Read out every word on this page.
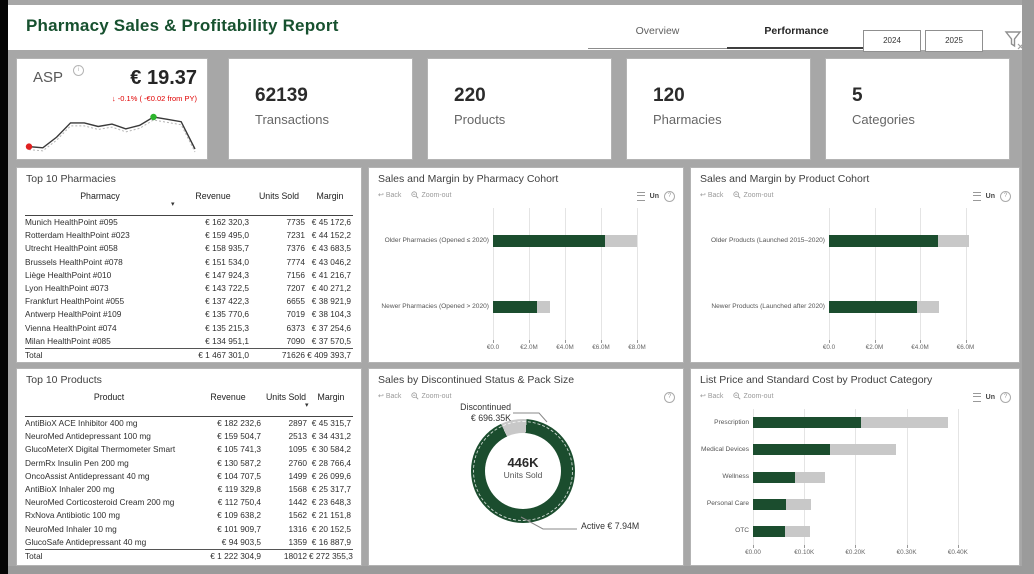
Pharmacy Sales & Profitability Report	Overview	Performance
2024	2025
ASP	i	€ 19.37
↓ -0.1% ( -€0.02 from PY)	62139
Transactions
220
Products
120
Pharmacies
5
Categories
Top 10 Pharmacies
Pharmacy	Revenue
▾
Units Sold	Margin
Munich HealthPoint #095	€ 162 320,3	7735 € 45 172,6
Rotterdam HealthPoint #023	€ 159 495,0	7231 € 44 152,2
Utrecht HealthPoint #058	€ 158 935,7	7376 € 43 683,5
Brussels HealthPoint #078	€ 151 534,0	7774 € 43 046,2
Liège HealthPoint #010	€ 147 924,3	7156 € 41 216,7
Lyon HealthPoint #073	€ 143 722,5	7207 € 40 271,2
Frankfurt HealthPoint #055	€ 137 422,3	6655 € 38 921,9
Antwerp HealthPoint #109	€ 135 770,6	7019 € 38 104,3
Vienna HealthPoint #074	€ 135 215,3	6373 € 37 254,6
Milan HealthPoint #085	€ 134 951,1	7090 € 37 570,5
Total	€ 1 467 301,0	71626 € 409 393,7
Sales and Margin by Pharmacy Cohort
↩ Back	Zoom-out	Un	?
€0.0	€2.0M	€4.0M	€6.0M	€8.0M
Older Pharmacies (Opened ≤ 2020)
Newer Pharmacies (Opened > 2020)
Sales and Margin by Product Cohort
↩ Back	Zoom-out	Un	?
€0.0	€2.0M	€4.0M	€6.0M
Older Products (Launched 2015–2020)
Newer Products (Launched after 2020)
Top 10 Products
Product	Revenue	Units Sold	Margin
▾
AntiBioX ACE Inhibitor 400 mg	€ 182 232,6	2897 € 45 315,7
NeuroMed Antidepressant 100 mg	€ 159 504,7	2513 € 34 431,2
GlucoMeterX Digital Thermometer Smart	€ 105 741,3	1095 € 30 584,2
DermRx Insulin Pen 200 mg	€ 130 587,2	2760 € 28 766,4
OncoAssist Antidepressant 40 mg	€ 104 707,5	1499 € 26 099,6
AntiBioX Inhaler 200 mg	€ 119 329,8	1568 € 25 317,7
NeuroMed Corticosteroid Cream 200 mg	€ 112 750,4	1442 € 23 648,3
RxNova Antibiotic 100 mg	€ 109 638,2	1562 € 21 151,8
NeuroMed Inhaler 10 mg	€ 101 909,7	1316 € 20 152,5
GlucoSafe Antidepressant 40 mg	€ 94 903,5	1359 € 16 887,9
Total	€ 1 222 304,9	18012 € 272 355,3
Sales by Discontinued Status & Pack Size
↩ Back	Zoom-out	?
446K
Units Sold
Discontinued
€ 696.35K
Active € 7.94M
List Price and Standard Cost by Product Category
↩ Back	Zoom-out	Un	?
€0.00	€0.10K	€0.20K	€0.30K	€0.40K
Prescription
Medical Devices
Wellness
Personal Care
OTC
